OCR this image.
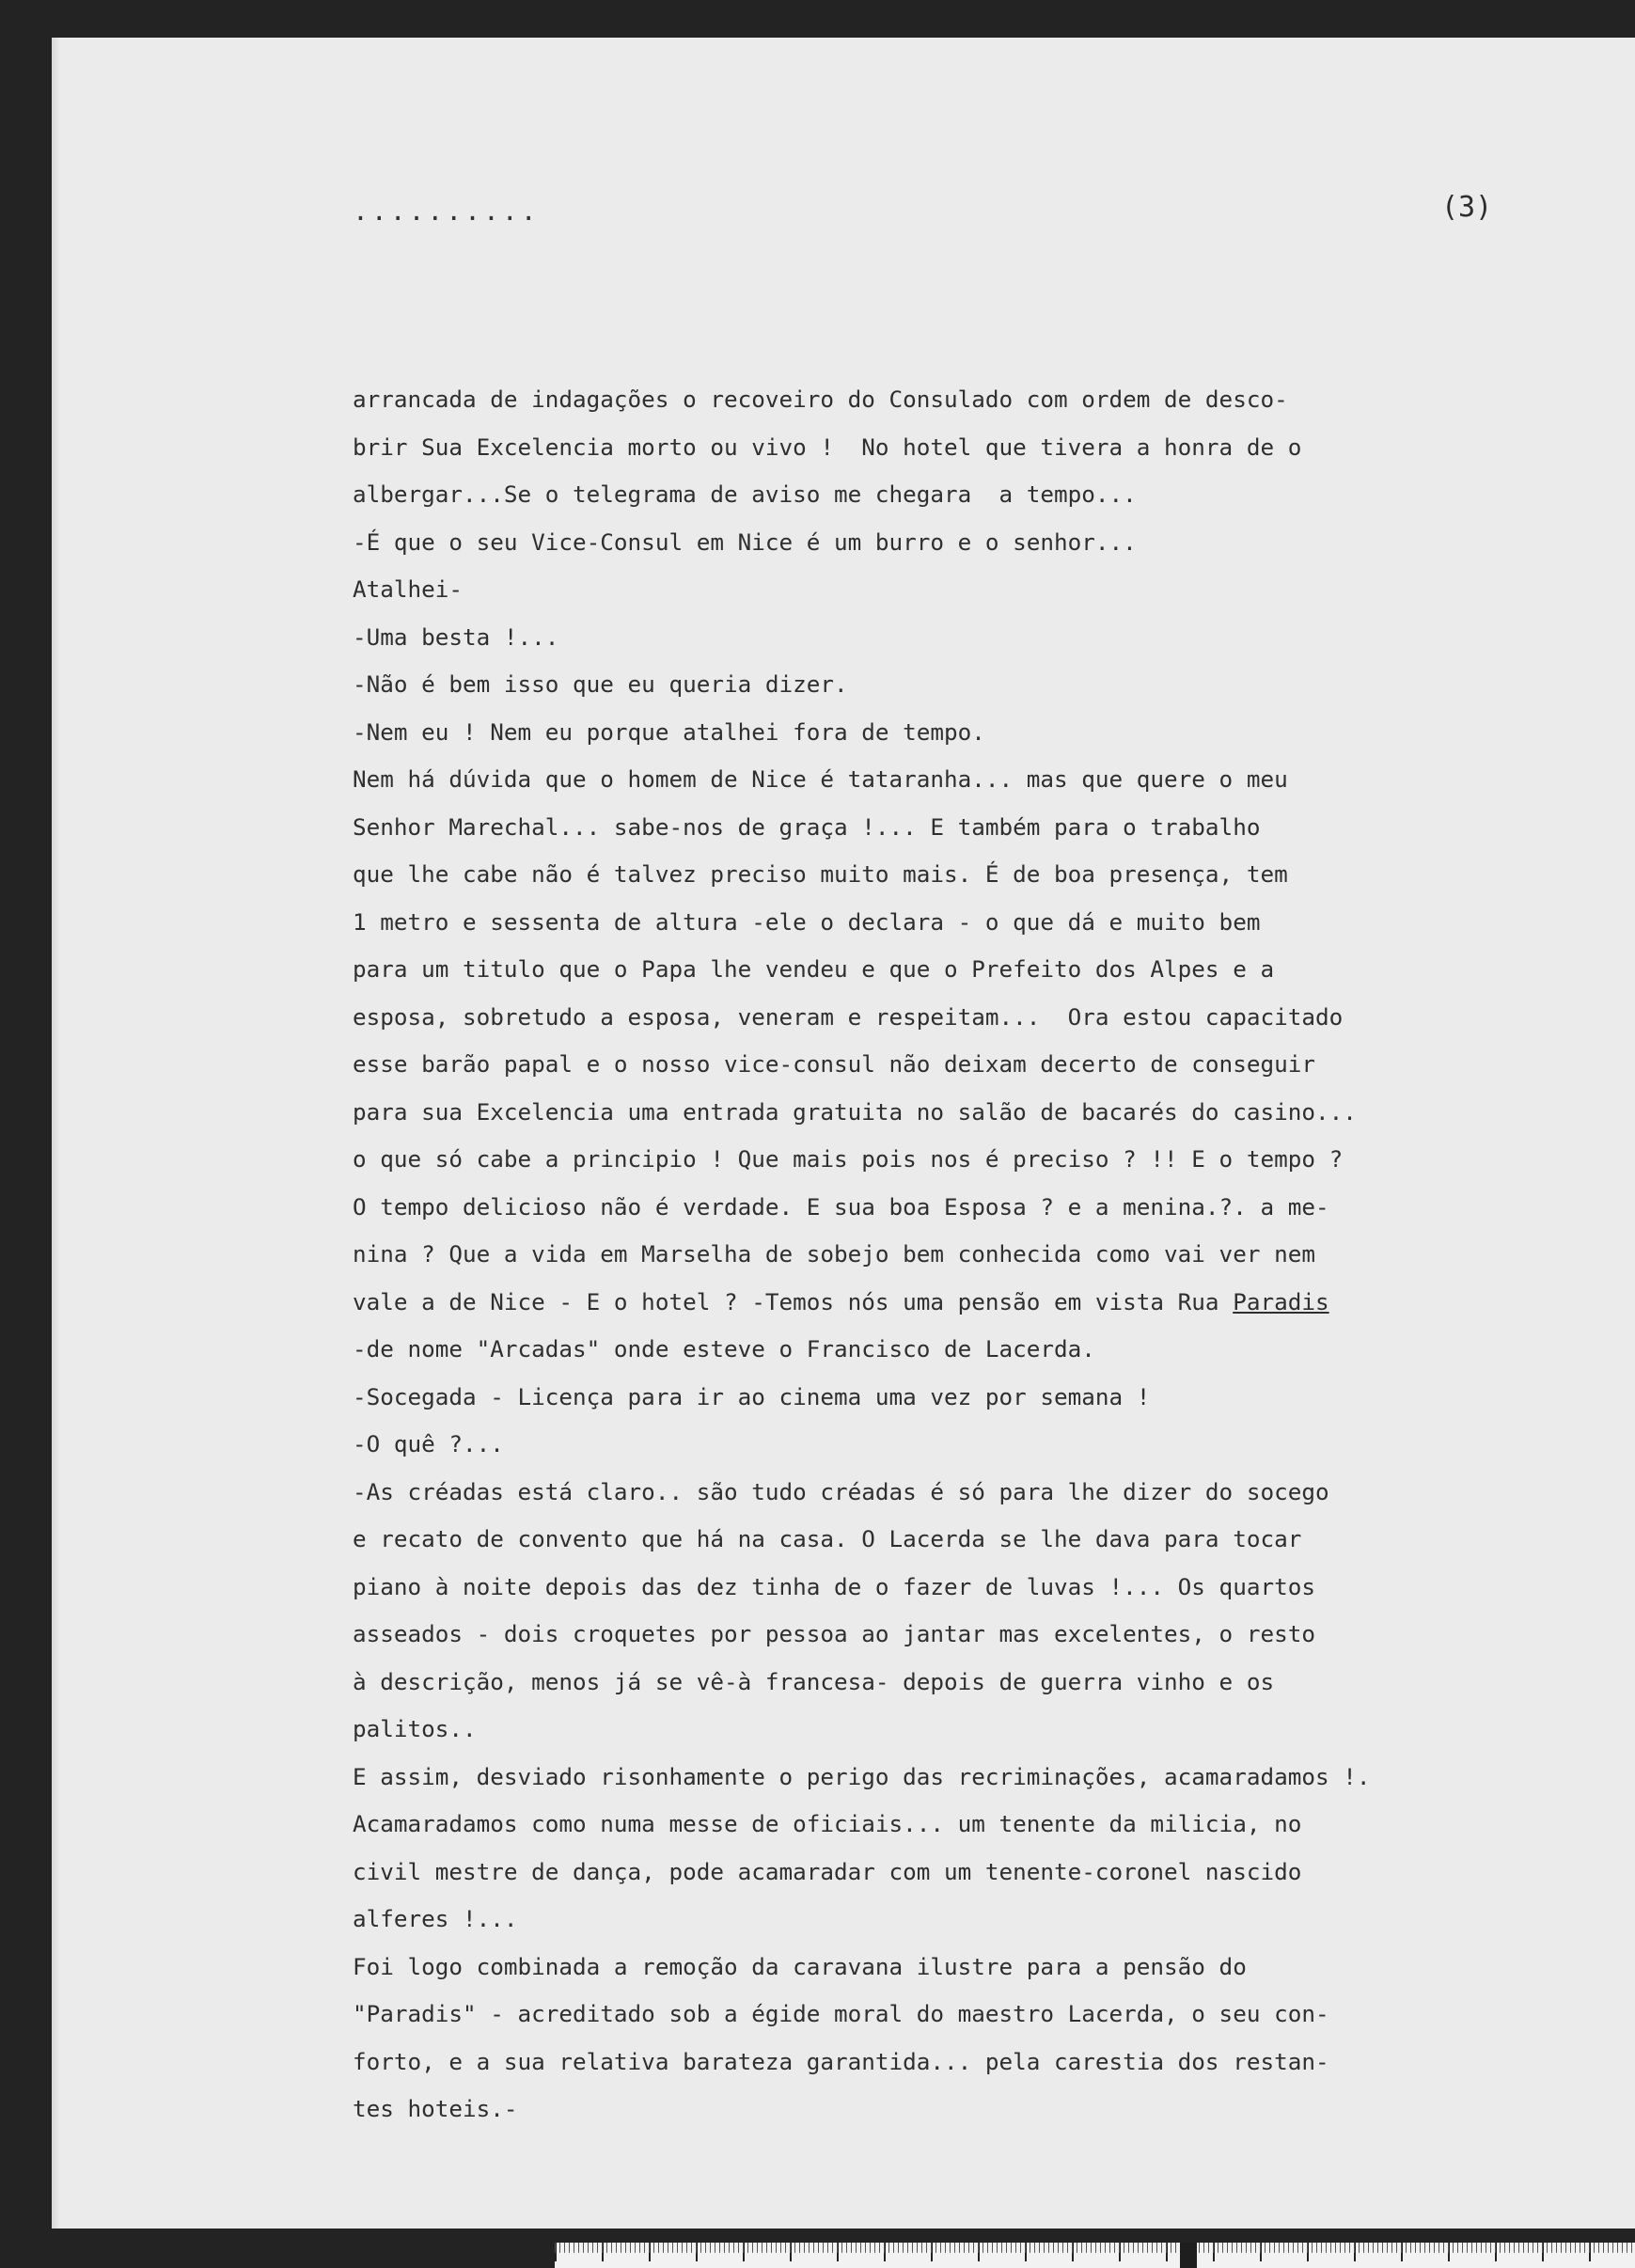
..........	(3)
arrancada de indagações o recoveiro do Consulado com ordem de desco-
brir Sua Excelencia morto ou vivo !  No hotel que tivera a honra de o
albergar...Se o telegrama de aviso me chegara  a tempo...
-É que o seu Vice-Consul em Nice é um burro e o senhor...
Atalhei-
-Uma besta !...
-Não é bem isso que eu queria dizer.
-Nem eu ! Nem eu porque atalhei fora de tempo.
Nem há dúvida que o homem de Nice é tataranha... mas que quere o meu
Senhor Marechal... sabe-nos de graça !... E também para o trabalho
que lhe cabe não é talvez preciso muito mais. É de boa presença, tem
1 metro e sessenta de altura -ele o declara - o que dá e muito bem
para um titulo que o Papa lhe vendeu e que o Prefeito dos Alpes e a
esposa, sobretudo a esposa, veneram e respeitam...  Ora estou capacitado
esse barão papal e o nosso vice-consul não deixam decerto de conseguir
para sua Excelencia uma entrada gratuita no salão de bacarés do casino...
o que só cabe a principio ! Que mais pois nos é preciso ? !! E o tempo ?
O tempo delicioso não é verdade. E sua boa Esposa ? e a menina.?. a me-
nina ? Que a vida em Marselha de sobejo bem conhecida como vai ver nem
vale a de Nice - E o hotel ? -Temos nós uma pensão em vista Rua Paradis
-de nome "Arcadas" onde esteve o Francisco de Lacerda.
-Socegada - Licença para ir ao cinema uma vez por semana !
-O quê ?...
-As créadas está claro.. são tudo créadas é só para lhe dizer do socego
e recato de convento que há na casa. O Lacerda se lhe dava para tocar
piano à noite depois das dez tinha de o fazer de luvas !... Os quartos
asseados - dois croquetes por pessoa ao jantar mas excelentes, o resto
à descrição, menos já se vê-à francesa- depois de guerra vinho e os
palitos..
E assim, desviado risonhamente o perigo das recriminações, acamaradamos !.
Acamaradamos como numa messe de oficiais... um tenente da milicia, no
civil mestre de dança, pode acamaradar com um tenente-coronel nascido
alferes !...
Foi logo combinada a remoção da caravana ilustre para a pensão do
"Paradis" - acreditado sob a égide moral do maestro Lacerda, o seu con-
forto, e a sua relativa barateza garantida... pela carestia dos restan-
tes hoteis.-
